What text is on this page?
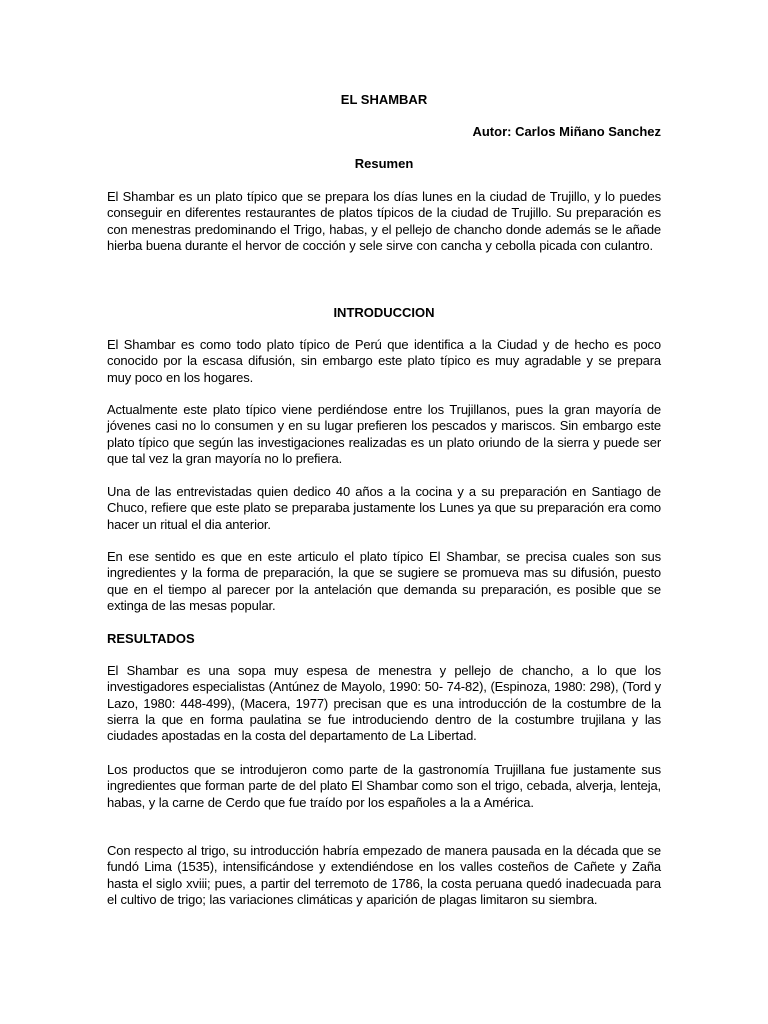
EL SHAMBAR
Autor: Carlos Miñano Sanchez
Resumen

El Shambar es un plato típico que se prepara los días lunes en la ciudad de Trujillo, y lo puedes conseguir en diferentes restaurantes de platos típicos de la ciudad de Trujillo. Su preparación es con menestras predominando el Trigo, habas, y el pellejo de chancho donde además se le añade hierba buena durante el hervor de cocción y sele sirve con cancha y cebolla picada con culantro.

INTRODUCCION

El Shambar es como todo plato típico de Perú que identifica a la Ciudad y de hecho es poco conocido por la escasa difusión, sin embargo este plato típico es muy agradable y se prepara muy poco en los hogares.

Actualmente este plato típico viene perdiéndose entre los Trujillanos, pues la gran mayoría de jóvenes casi no lo consumen y en su lugar prefieren los pescados y mariscos. Sin embargo este plato típico que según las investigaciones realizadas es un plato oriundo de la sierra y puede ser que tal vez la gran mayoría no lo prefiera.

Una de las entrevistadas quien dedico 40 años a la cocina y a su preparación en Santiago de Chuco, refiere que este plato se preparaba justamente los Lunes ya que su preparación era como hacer un ritual el dia anterior.

En ese sentido es que en este articulo el plato típico El Shambar, se precisa cuales son sus ingredientes y la forma de preparación, la que se sugiere se promueva mas su difusión, puesto que en el tiempo al parecer por la antelación que demanda su preparación, es posible que se extinga de las mesas popular.

RESULTADOS

El Shambar es una sopa muy espesa de menestra y pellejo de chancho, a lo que los investigadores especialistas (Antúnez de Mayolo, 1990: 50- 74-82), (Espinoza, 1980: 298), (Tord y Lazo, 1980: 448-499), (Macera, 1977) precisan que es una introducción de la costumbre de la sierra la que en forma paulatina se fue introduciendo dentro de la costumbre trujilana y las ciudades apostadas en la costa del departamento de La Libertad.

Los productos que se introdujeron como parte de la gastronomía Trujillana fue justamente sus ingredientes que forman parte de del plato El Shambar como son el trigo, cebada, alverja, lenteja, habas, y la carne de Cerdo que fue traído por los españoles a la a América.

Con respecto al trigo, su introducción habría empezado de manera pausada en la década que se fundó Lima (1535), intensificándose y extendiéndose en los valles costeños de Cañete y Zaña hasta el siglo xviii; pues, a partir del terremoto de 1786, la costa peruana quedó inadecuada para el cultivo de trigo; las variaciones climáticas y aparición de plagas limitaron su siembra.
